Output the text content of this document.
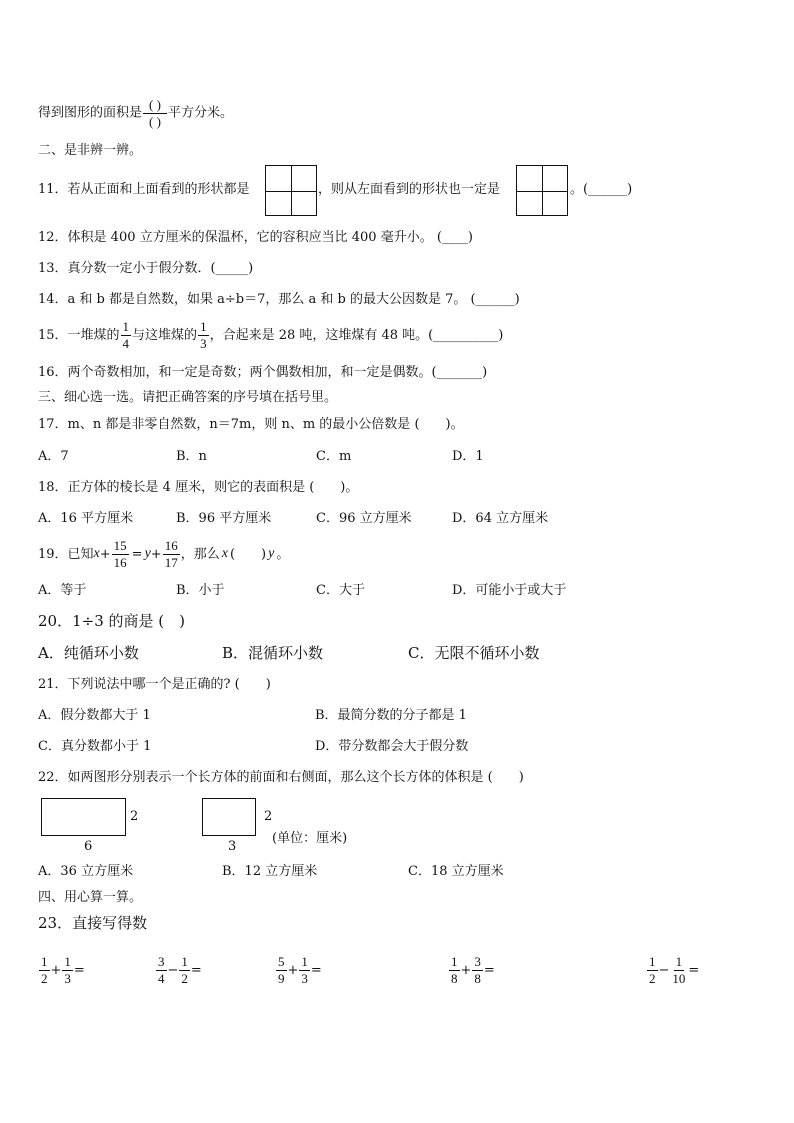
得到图形的面积是 $\frac{( )}{( )}$ 平方分米。
二、是非辨一辨。
11．若从正面和上面看到的形状都是	，则从左面看到的形状也一定是	。(______)
12．体积是 400 立方厘米的保温杯，它的容积应当比 400 毫升小。 (____)
13．真分数一定小于假分数．(_____)
14．a 和 b 都是自然数，如果 a÷b＝7，那么 a 和 b 的最大公因数是 7。 (______)
15．一堆煤的 $\frac{1}{4}$ 与这堆煤的 $\frac{1}{3}$ ，合起来是 28 吨，这堆煤有 48 吨。(__________)
16．两个奇数相加，和一定是奇数；两个偶数相加，和一定是偶数。(_______)
三、细心选一选。请把正确答案的序号填在括号里。
17．m、n 都是非零自然数，n＝7m，则 n、m 的最小公倍数是 (　　)。
A．7	B．n	C．m	D．1
18．正方体的棱长是 4 厘米，则它的表面积是 (　　)。
A．16 平方厘米	B．96 平方厘米	C．96 立方厘米	D．64 立方厘米
19．已知 $x + \frac{15}{16} = y + \frac{16}{17}$ ，那么 x (　　) y 。
A．等于	B．小于	C．大于	D．可能小于或大于
20．1÷3 的商是 (　)
A．纯循环小数	B．混循环小数	C．无限不循环小数
21．下列说法中哪一个是正确的? (　　)
A．假分数都大于 1	B．最简分数的分子都是 1
C．真分数都小于 1	D．带分数都会大于假分数
22．如两图形分别表示一个长方体的前面和右侧面，那么这个长方体的体积是 (　　)
2
6
2
3
(单位：厘米)
A．36 立方厘米	B．12 立方厘米	C．18 立方厘米
四、用心算一算。
23．直接写得数
$\frac{1}{2} + \frac{1}{3}$ =	$\frac{3}{4} - \frac{1}{2}$ =	$\frac{5}{9} + \frac{1}{3}$ =	$\frac{1}{8} + \frac{3}{8}$ =	$\frac{1}{2} - \frac{1}{10}$ =
